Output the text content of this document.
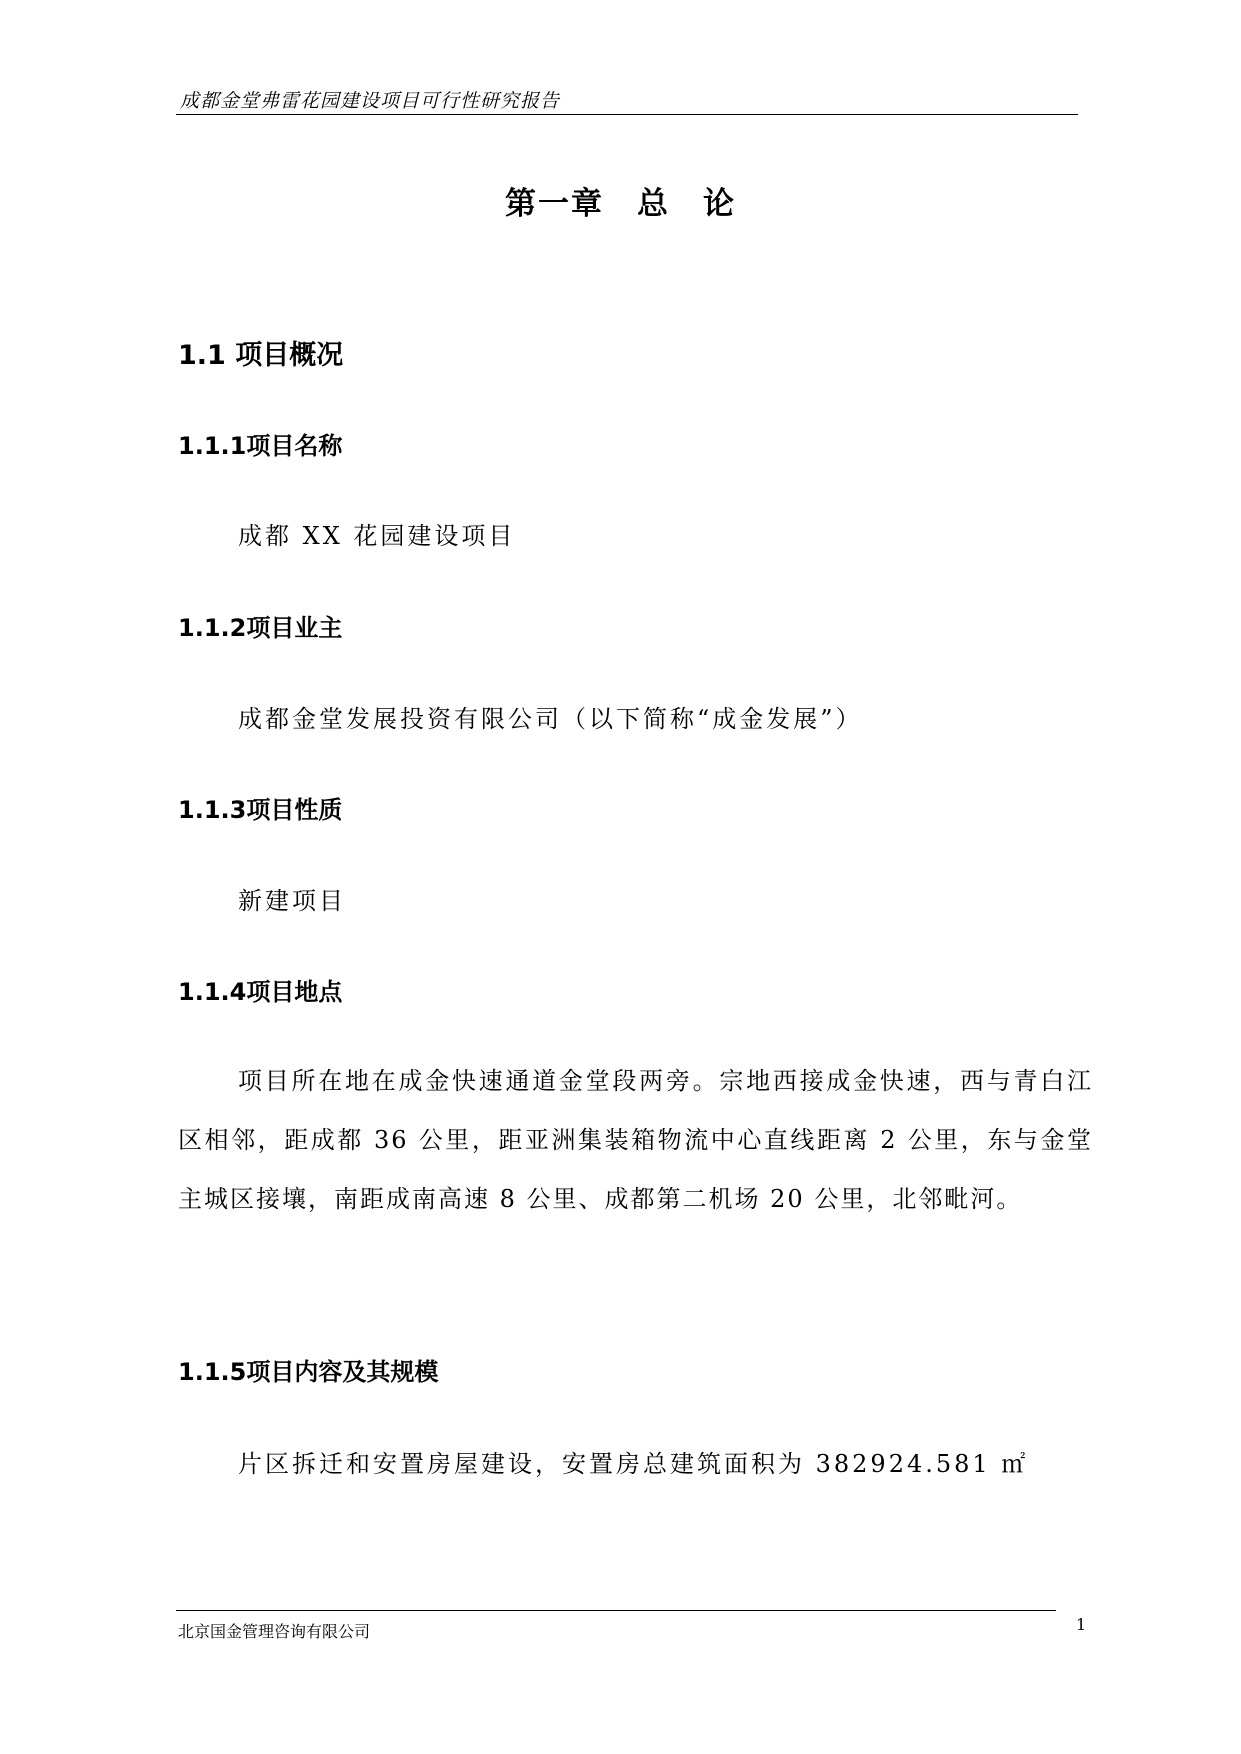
成都金堂弗雷花园建设项目可行性研究报告
第一章　总　论
1.1 项目概况
1.1.1项目名称
成都 XX 花园建设项目
1.1.2项目业主
成都金堂发展投资有限公司（以下简称“成金发展”）
1.1.3项目性质
新建项目
1.1.4项目地点
项目所在地在成金快速通道金堂段两旁。宗地西接成金快速，西与青白江区相邻，距成都 36 公里，距亚洲集装箱物流中心直线距离 2 公里，东与金堂主城区接壤，南距成南高速 8 公里、成都第二机场 20 公里，北邻毗河。
1.1.5项目内容及其规模
片区拆迁和安置房屋建设，安置房总建筑面积为 382924.581 ㎡
北京国金管理咨询有限公司	1
